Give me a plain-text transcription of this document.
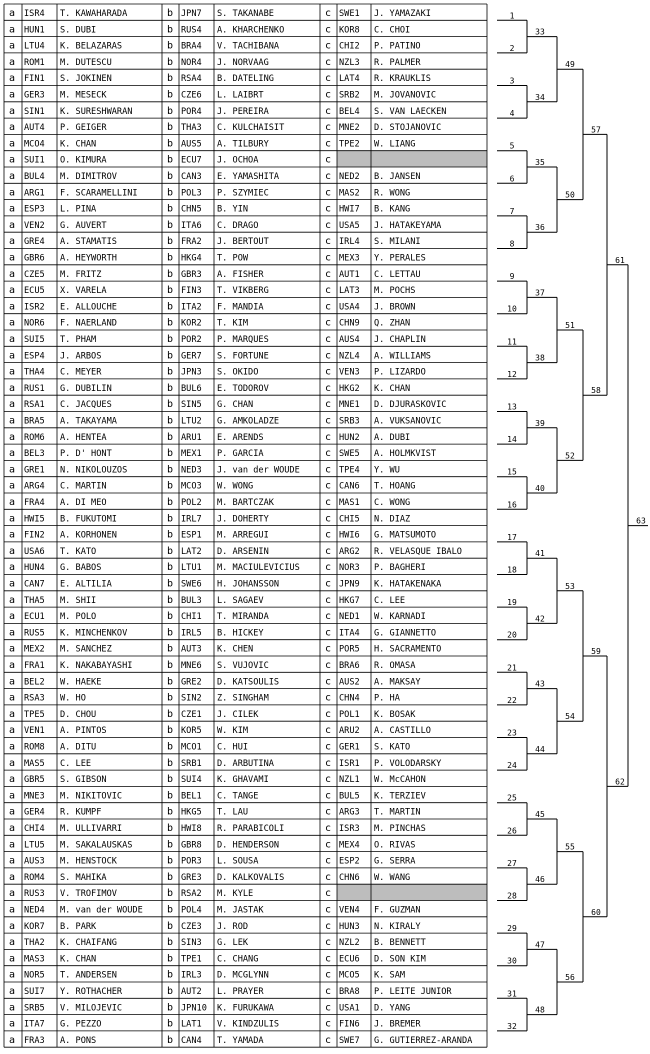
a ISR4 T. KAWAHARADA	b JPN7 S. TAKANABE	c SWE1 J. YAMAZAKI
a HUN1 S. DUBI	b RUS4 A. KHARCHENKO	c KOR8 C. CHOI
a LTU4 K. BELAZARAS	b BRA4 V. TACHIBANA	c CHI2 P. PATINO
a ROM1 M. DUTESCU	b NOR4 J. NORVAAG	c NZL3 R. PALMER
a FIN1 S. JOKINEN	b RSA4 B. DATELING	c LAT4 R. KRAUKLIS
a GER3 M. MESECK	b CZE6 L. LAIBRT	c SRB2 M. JOVANOVIC
a SIN1 K. SURESHWARAN	b POR4 J. PEREIRA	c BEL4 S. VAN LAECKEN
a AUT4 P. GEIGER	b THA3 C. KULCHAISIT	c MNE2 D. STOJANOVIC
a MCO4 K. CHAN	b AUS5 A. TILBURY	c TPE2 W. LIANG
a SUI1 O. KIMURA	b ECU7 J. OCHOA	c
a BUL4 M. DIMITROV	b CAN3 E. YAMASHITA	c NED2 B. JANSEN
a ARG1 F. SCARAMELLINI	b POL3 P. SZYMIEC	c MAS2 R. WONG
a ESP3 L. PINA	b CHN5 B. YIN	c HWI7 B. KANG
a VEN2 G. AUVERT	b ITA6 C. DRAGO	c USA5 J. HATAKEYAMA
a GRE4 A. STAMATIS	b FRA2 J. BERTOUT	c IRL4 S. MILANI
a GBR6 A. HEYWORTH	b HKG4 T. POW	c MEX3 Y. PERALES
a CZE5 M. FRITZ	b GBR3 A. FISHER	c AUT1 C. LETTAU
a ECU5 X. VARELA	b FIN3 T. VIKBERG	c LAT3 M. POCHS
a ISR2 E. ALLOUCHE	b ITA2 F. MANDIA	c USA4 J. BROWN
a NOR6 F. NAERLAND	b KOR2 T. KIM	c CHN9 Q. ZHAN
a SUI5 T. PHAM	b POR2 P. MARQUES	c AUS4 J. CHAPLIN
a ESP4 J. ARBOS	b GER7 S. FORTUNE	c NZL4 A. WILLIAMS
a THA4 C. MEYER	b JPN3 S. OKIDO	c VEN3 P. LIZARDO
a RUS1 G. DUBILIN	b BUL6 E. TODOROV	c HKG2 K. CHAN
a RSA1 C. JACQUES	b SIN5 G. CHAN	c MNE1 D. DJURASKOVIC
a BRA5 A. TAKAYAMA	b LTU2 G. AMKOLADZE	c SRB3 A. VUKSANOVIC
a ROM6 A. HENTEA	b ARU1 E. ARENDS	c HUN2 A. DUBI
a BEL3 P. D' HONT	b MEX1 P. GARCIA	c SWE5 A. HOLMKVIST
a GRE1 N. NIKOLOUZOS	b NED3 J. van der WOUDE	c TPE4 Y. WU
a ARG4 C. MARTIN	b MCO3 W. WONG	c CAN6 T. HOANG
a FRA4 A. DI MEO	b POL2 M. BARTCZAK	c MAS1 C. WONG
a HWI5 B. FUKUTOMI	b IRL7 J. DOHERTY	c CHI5 N. DIAZ
a FIN2 A. KORHONEN	b ESP1 M. ARREGUI	c HWI6 G. MATSUMOTO
a USA6 T. KATO	b LAT2 D. ARSENIN	c ARG2 R. VELASQUE IBALO
a HUN4 G. BABOS	b LTU1 M. MACIULEVICIUS	c NOR3 P. BAGHERI
a CAN7 E. ALTILIA	b SWE6 H. JOHANSSON	c JPN9 K. HATAKENAKA
a THA5 M. SHII	b BUL3 L. SAGAEV	c HKG7 C. LEE
a ECU1 M. POLO	b CHI1 T. MIRANDA	c NED1 W. KARNADI
a RUS5 K. MINCHENKOV	b IRL5 B. HICKEY	c ITA4 G. GIANNETTO
a MEX2 M. SANCHEZ	b AUT3 K. CHEN	c POR5 H. SACRAMENTO
a FRA1 K. NAKABAYASHI	b MNE6 S. VUJOVIC	c BRA6 R. OMASA
a BEL2 W. HAEKE	b GRE2 D. KATSOULIS	c AUS2 A. MAKSAY
a RSA3 W. HO	b SIN2 Z. SINGHAM	c CHN4 P. HA
a TPE5 D. CHOU	b CZE1 J. CILEK	c POL1 K. BOSAK
a VEN1 A. PINTOS	b KOR5 W. KIM	c ARU2 A. CASTILLO
a ROM8 A. DITU	b MCO1 C. HUI	c GER1 S. KATO
a MAS5 C. LEE	b SRB1 D. ARBUTINA	c ISR1 P. VOLODARSKY
a GBR5 S. GIBSON	b SUI4 K. GHAVAMI	c NZL1 W. McCAHON
a MNE3 M. NIKITOVIC	b BEL1 C. TANGE	c BUL5 K. TERZIEV
a GER4 R. KUMPF	b HKG5 T. LAU	c ARG3 T. MARTIN
a CHI4 M. ULLIVARRI	b HWI8 R. PARABICOLI	c ISR3 M. PINCHAS
a LTU5 M. SAKALAUSKAS	b GBR8 D. HENDERSON	c MEX4 O. RIVAS
a AUS3 M. HENSTOCK	b POR3 L. SOUSA	c ESP2 G. SERRA
a ROM4 S. MAHIKA	b GRE3 D. KALKOVALIS	c CHN6 W. WANG
a RUS3 V. TROFIMOV	b RSA2 M. KYLE	c
a NED4 M. van der WOUDE b POL4 M. JASTAK	c VEN4 F. GUZMAN
a KOR7 B. PARK	b CZE3 J. ROD	c HUN3 N. KIRALY
a THA2 K. CHAIFANG	b SIN3 G. LEK	c NZL2 B. BENNETT
a MAS3 K. CHAN	b TPE1 C. CHANG	c ECU6 D. SON KIM
a NOR5 T. ANDERSEN	b IRL3 D. MCGLYNN	c MCO5 K. SAM
a SUI7 Y. ROTHACHER	b AUT2 L. PRAYER	c BRA8 P. LEITE JUNIOR
a SRB5 V. MILOJEVIC	b JPN10 K. FURUKAWA	c USA1 D. YANG
a ITA7 G. PEZZO	b LAT1 V. KINDZULIS	c FIN6 J. BREMER
a FRA3 A. PONS	b CAN4 T. YAMADA	c SWE7 G. GUTIERREZ-ARANDA
1
2
3
4
5
6
7
8
9
10
11
12
13
14
15
16
17
18
19
20
21
22
23
24
25
26
27
28
29
30
31
32
33
34
35
36
37
38
39
40
41
42
43
44
45
46
47
48
49
50
51
52
53
54
55
56
57
58
59
60
61
62
63
